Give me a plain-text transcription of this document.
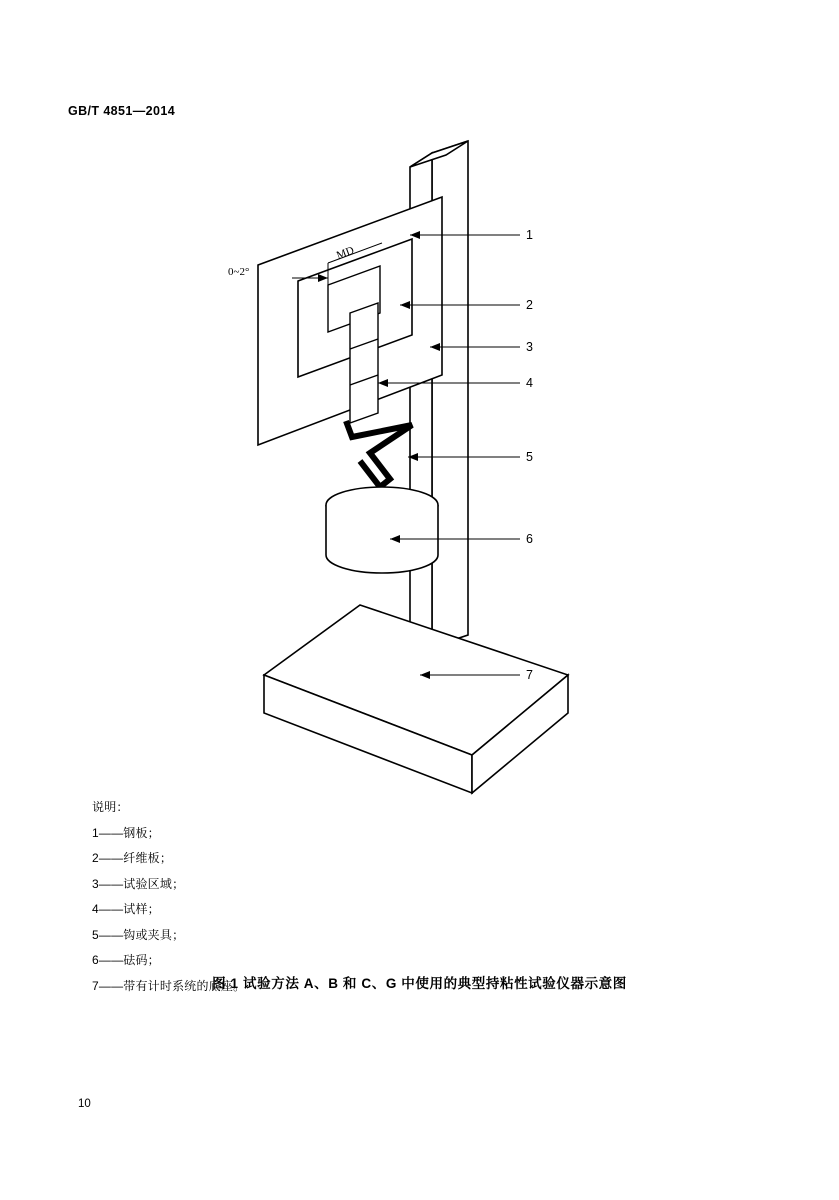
GB/T 4851—2014
1
2
3
4
5
6
7
0~2°
MD
说明：
1——钢板；
2——纤维板；
3——试验区域；
4——试样；
5——钩或夹具；
6——砝码；
7——带有计时系统的底座。
图 1 试验方法 A、B 和 C、G 中使用的典型持粘性试验仪器示意图
10
